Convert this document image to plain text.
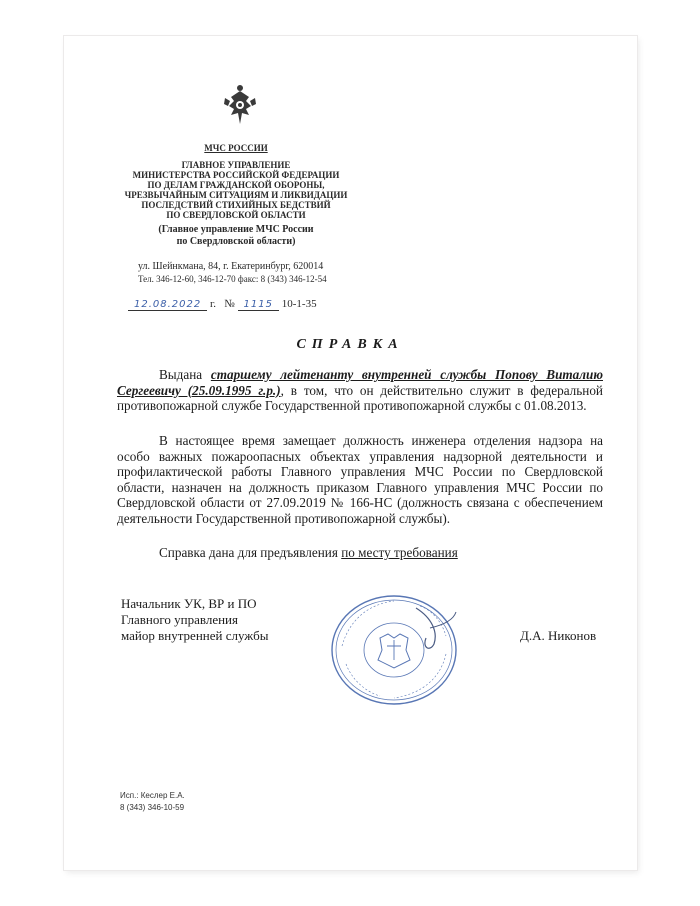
МЧС РОССИИ
ГЛАВНОЕ УПРАВЛЕНИЕ
МИНИСТЕРСТВА РОССИЙСКОЙ ФЕДЕРАЦИИ
ПО ДЕЛАМ ГРАЖДАНСКОЙ ОБОРОНЫ,
ЧРЕЗВЫЧАЙНЫМ СИТУАЦИЯМ И ЛИКВИДАЦИИ
ПОСЛЕДСТВИЙ СТИХИЙНЫХ БЕДСТВИЙ
ПО СВЕРДЛОВСКОЙ ОБЛАСТИ
(Главное управление МЧС России
по Свердловской области)
ул. Шейнкмана, 84, г. Екатеринбург, 620014
Тел. 346-12-60, 346-12-70 факс: 8 (343) 346-12-54
12.08.2022 г. № 1115 10-1-35
СПРАВКА
Выдана старшему лейтенанту внутренней службы Попову Виталию Сергеевичу (25.09.1995 г.р.), в том, что он действительно служит в федеральной противопожарной службе Государственной противопожарной службы с 01.08.2013.
В настоящее время замещает должность инженера отделения надзора на особо важных пожароопасных объектах управления надзорной деятельности и профилактической работы Главного управления МЧС России по Свердловской области, назначен на должность приказом Главного управления МЧС России по Свердловской области от 27.09.2019 № 166-НС (должность связана с обеспечением деятельности Государственной противопожарной службы).
Справка дана для предъявления по месту требования
Начальник УК, ВР и ПО
Главного управления
майор внутренней службы	Д.А. Никонов
Исп.: Кеслер Е.А.
8 (343) 346-10-59
